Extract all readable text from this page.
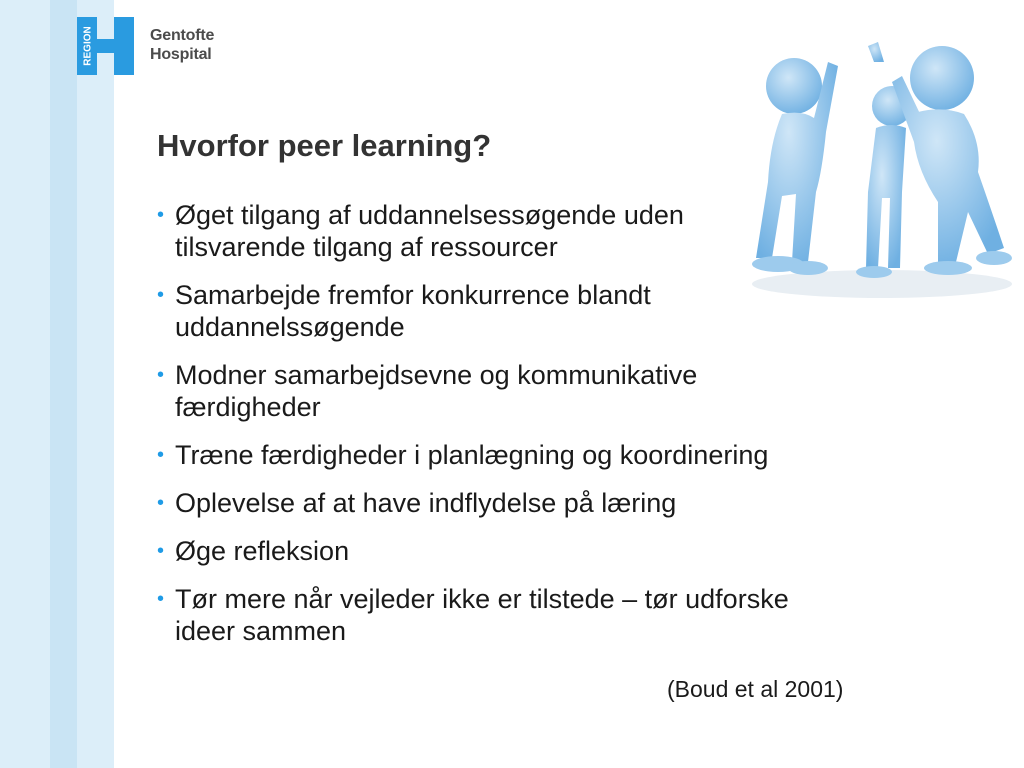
REGION	Gentofte
Hospital
Hvorfor peer learning?
• Øget tilgang af uddannelsessøgende uden
tilsvarende tilgang af ressourcer
• Samarbejde fremfor konkurrence blandt
uddannelssøgende
• Modner samarbejdsevne og kommunikative
færdigheder
• Træne færdigheder i planlægning og koordinering
• Oplevelse af at have indflydelse på læring
• Øge refleksion
• Tør mere når vejleder ikke er tilstede – tør udforske
ideer sammen
(Boud et al 2001)
